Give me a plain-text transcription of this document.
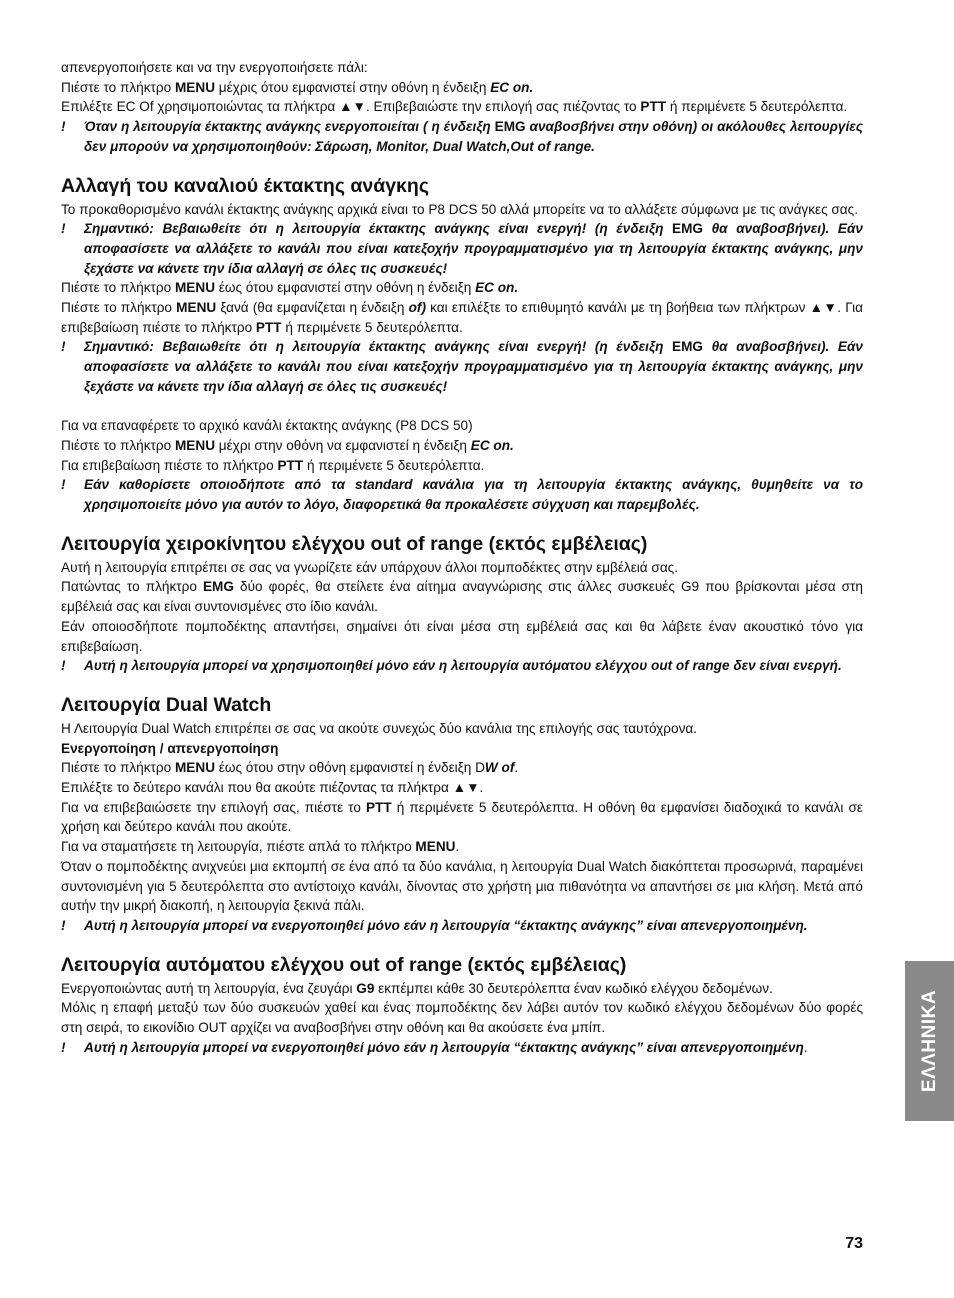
απενεργοποιήσετε και να την ενεργοποιήσετε πάλι:

Πιέστε το πλήκτρο MENU μέχρις ότου εμφανιστεί στην οθόνη η ένδειξη EC on.

Επιλέξτε EC Of χρησιμοποιώντας τα πλήκτρα ▲▼. Επιβεβαιώστε την επιλογή σας πιέζοντας το PTT ή περιμένετε 5 δευτερόλεπτα.

! Όταν η λειτουργία έκτακτης ανάγκης ενεργοποιείται ( η ένδειξη EMG αναβοσβήνει στην οθόνη) οι ακόλουθες λειτουργίες δεν μπορούν να χρησιμοποιηθούν: Σάρωση, Monitor, Dual Watch,Out of range.

Αλλαγή του καναλιού έκτακτης ανάγκης

Το προκαθορισμένο κανάλι έκτακτης ανάγκης αρχικά είναι το P8 DCS 50 αλλά μπορείτε να το αλλάξετε σύμφωνα με τις ανάγκες σας.

! Σημαντικό: Βεβαιωθείτε ότι η λειτουργία έκτακτης ανάγκης είναι ενεργή! (η ένδειξη EMG θα αναβοσβήνει). Εάν αποφασίσετε να αλλάξετε το κανάλι που είναι κατεξοχήν προγραμματισμένο για τη λειτουργία έκτακτης ανάγκης, μην ξεχάστε να κάνετε την ίδια αλλαγή σε όλες τις συσκευές!

Πιέστε το πλήκτρο MENU έως ότου εμφανιστεί στην οθόνη η ένδειξη EC on.

Πιέστε το πλήκτρο MENU ξανά (θα εμφανίζεται η ένδειξη of) και επιλέξτε το επιθυμητό κανάλι με τη βοήθεια των πλήκτρων ▲▼. Για επιβεβαίωση πιέστε το πλήκτρο PTT ή περιμένετε 5 δευτερόλεπτα.

! Σημαντικό: Βεβαιωθείτε ότι η λειτουργία έκτακτης ανάγκης είναι ενεργή! (η ένδειξη EMG θα αναβοσβήνει). Εάν αποφασίσετε να αλλάξετε το κανάλι που είναι κατεξοχήν προγραμματισμένο για τη λειτουργία έκτακτης ανάγκης, μην ξεχάστε να κάνετε την ίδια αλλαγή σε όλες τις συσκευές!

Για να επαναφέρετε το αρχικό κανάλι έκτακτης ανάγκης (P8 DCS 50)

Πιέστε το πλήκτρο MENU μέχρι στην οθόνη να εμφανιστεί η ένδειξη EC on.

Για επιβεβαίωση πιέστε το πλήκτρο PTT ή περιμένετε 5 δευτερόλεπτα.

! Εάν καθορίσετε οποιοδήποτε από τα standard κανάλια για τη λειτουργία έκτακτης ανάγκης, θυμηθείτε να το χρησιμοποιείτε μόνο για αυτόν το λόγο, διαφορετικά θα προκαλέσετε σύγχυση και παρεμβολές.

Λειτουργία χειροκίνητου ελέγχου out of range (εκτός εμβέλειας)

Αυτή η λειτουργία επιτρέπει σε σας να γνωρίζετε εάν υπάρχουν άλλοι πομποδέκτες στην εμβέλειά σας.

Πατώντας το πλήκτρο EMG δύο φορές, θα στείλετε ένα αίτημα αναγνώρισης στις άλλες συσκευές G9 που βρίσκονται μέσα στη εμβέλειά σας και είναι συντονισμένες στο ίδιο κανάλι.

Εάν οποιοσδήποτε πομποδέκτης απαντήσει, σημαίνει ότι είναι μέσα στη εμβέλειά σας και θα λάβετε έναν ακουστικό τόνο για επιβεβαίωση.

! Αυτή η λειτουργία μπορεί να χρησιμοποιηθεί μόνο εάν η λειτουργία αυτόματου ελέγχου out of range δεν είναι ενεργή.

Λειτουργία Dual Watch

Η Λειτουργία Dual Watch επιτρέπει σε σας να ακούτε συνεχώς δύο κανάλια της επιλογής σας ταυτόχρονα.

Ενεργοποίηση / απενεργοποίηση

Πιέστε το πλήκτρο MENU έως ότου στην οθόνη εμφανιστεί η ένδειξη DW of.

Επιλέξτε το δεύτερο κανάλι που θα ακούτε πιέζοντας τα πλήκτρα ▲▼.

Για να επιβεβαιώσετε την επιλογή σας, πιέστε το PTT ή περιμένετε 5 δευτερόλεπτα. Η οθόνη θα εμφανίσει διαδοχικά το κανάλι σε χρήση και δεύτερο κανάλι που ακούτε.

Για να σταματήσετε τη λειτουργία, πιέστε απλά το πλήκτρο MENU.

Όταν ο πομποδέκτης ανιχνεύει μια εκπομπή σε ένα από τα δύο κανάλια, η λειτουργία Dual Watch διακόπτεται προσωρινά, παραμένει συντονισμένη για 5 δευτερόλεπτα στο αντίστοιχο κανάλι, δίνοντας στο χρήστη μια πιθανότητα να απαντήσει σε μια κλήση. Μετά από αυτήν την μικρή διακοπή, η λειτουργία ξεκινά πάλι.

! Αυτή η λειτουργία μπορεί να ενεργοποιηθεί μόνο εάν η λειτουργία “έκτακτης ανάγκης” είναι απενεργοποιημένη.

Λειτουργία αυτόματου ελέγχου out of range (εκτός εμβέλειας)

Ενεργοποιώντας αυτή τη λειτουργία, ένα ζευγάρι G9 εκπέμπει κάθε 30 δευτερόλεπτα έναν κωδικό ελέγχου δεδομένων.

Μόλις η επαφή μεταξύ των δύο συσκευών χαθεί και ένας πομποδέκτης δεν λάβει αυτόν τον κωδικό ελέγχου δεδομένων δύο φορές στη σειρά, το εικονίδιο OUT αρχίζει να αναβοσβήνει στην οθόνη και θα ακούσετε ένα μπίπ.

! Αυτή η λειτουργία μπορεί να ενεργοποιηθεί μόνο εάν η λειτουργία “έκτακτης ανάγκης” είναι απενεργοποιημένη.	ΕΛΛΗΝΙΚΑ
73
